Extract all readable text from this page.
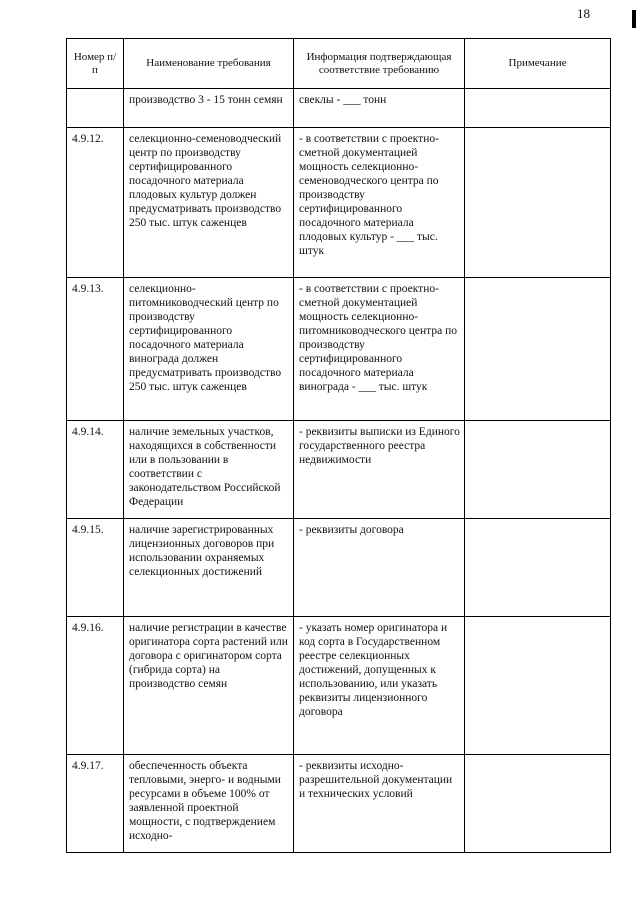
18
Номер п/п	Наименование требования	Информация подтверждающая соответствие требованию	Примечание
	производство 3 - 15 тонн семян	свеклы - ___ тонн	
4.9.12.	селекционно-семеноводческий центр по производству сертифицированного посадочного материала плодовых культур должен предусматривать производство 250 тыс. штук саженцев	- в соответствии с проектно-сметной документацией мощность селекционно-семеноводческого центра по производству сертифицированного посадочного материала плодовых культур - ___ тыс. штук	
4.9.13.	селекционно-питомниководческий центр по производству сертифицированного посадочного материала винограда должен предусматривать производство 250 тыс. штук саженцев	- в соответствии с проектно-сметной документацией мощность селекционно-питомниководческого центра по производству сертифицированного посадочного материала винограда - ___ тыс. штук	
4.9.14.	наличие земельных участков, находящихся в собственности или в пользовании в соответствии с законодательством Российской Федерации	- реквизиты выписки из Единого государственного реестра недвижимости	
4.9.15.	наличие зарегистрированных лицензионных договоров при использовании охраняемых селекционных достижений	- реквизиты договора	
4.9.16.	наличие регистрации в качестве оригинатора сорта растений или договора с оригинатором сорта (гибрида сорта) на производство семян	- указать номер оригинатора и код сорта в Государственном реестре селекционных достижений, допущенных к использованию, или указать реквизиты лицензионного договора	
4.9.17.	обеспеченность объекта тепловыми, энерго- и водными ресурсами в объеме 100% от заявленной проектной мощности, с подтверждением исходно-	- реквизиты исходно-разрешительной документации и технических условий	
